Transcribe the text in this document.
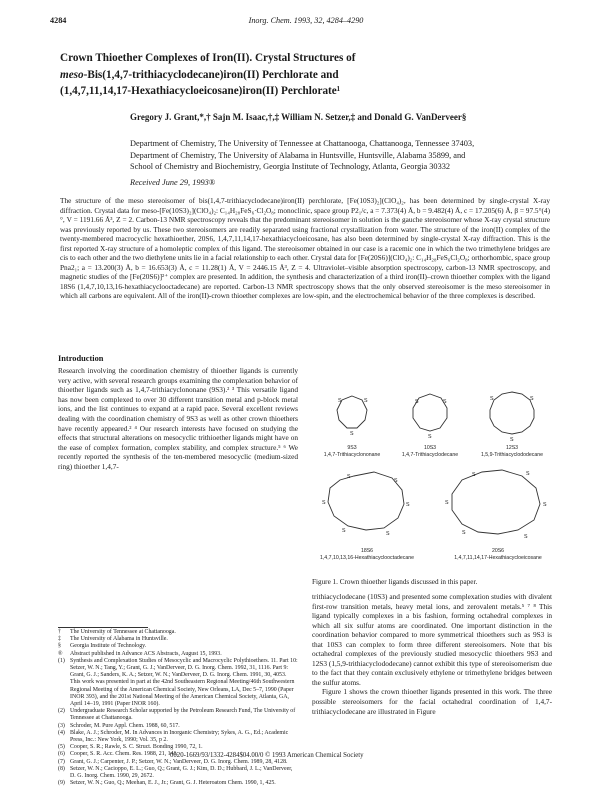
4284	Inorg. Chem. 1993, 32, 4284–4290
Crown Thioether Complexes of Iron(II). Crystal Structures of
meso-Bis(1,4,7-trithiacyclodecane)iron(II) Perchlorate and
(1,4,7,11,14,17-Hexathiacycloeicosane)iron(II) Perchlorate¹
Gregory J. Grant,*,† Sajn M. Isaac,†,‡ William N. Setzer,‡ and Donald G. VanDerveer§
Department of Chemistry, The University of Tennessee at Chattanooga, Chattanooga, Tennessee 37403,
Department of Chemistry, The University of Alabama in Huntsville, Huntsville, Alabama 35899, and
School of Chemistry and Biochemistry, Georgia Institute of Technology, Atlanta, Georgia 30332
Received June 29, 1993®
The structure of the meso stereoisomer of bis(1,4,7-trithiacyclodecane)iron(II) perchlorate, [Fe(10S3)₂](ClO₄)₂, has been determined by single-crystal X-ray diffraction. Crystal data for meso-[Fe(10S3)₂](ClO₄)₂: C₁₄H₂₈FeS₆·Cl₂O₈; monoclinic, space group P2₁/c, a = 7.373(4) Å, b = 9.482(4) Å, c = 17.205(6) Å, β = 97.5°(4)°, V = 1191.66 Å³, Z = 2. Carbon-13 NMR spectroscopy reveals that the predominant stereoisomer in solution is the gauche stereoisomer whose X-ray crystal structure was previously reported by us. These two stereoisomers are readily separated using fractional crystallization from water. The structure of the iron(II) complex of the twenty-membered macrocyclic hexathioether, 20S6, 1,4,7,11,14,17-hexathiacycloeicosane, has also been determined by single-crystal X-ray diffraction. This is the first reported X-ray structure of a homoleptic complex of this ligand. The stereoisomer obtained in our case is a racemic one in which the two trimethylene bridges are cis to each other and the two diethylene units lie in a facial relationship to each other. Crystal data for [Fe(20S6)](ClO₄)₂: C₁₄H₂₈FeS₆Cl₂O₈; orthorhombic, space group Pna2₁; a = 13.200(3) Å, b = 16.653(3) Å, c = 11.28(1) Å, V = 2446.15 Å³, Z = 4. Ultraviolet–visible absorption spectroscopy, carbon-13 NMR spectroscopy, and magnetic studies of the [Fe(20S6)]²⁺ complex are presented. In addition, the synthesis and characterization of a third iron(II)–crown thioether complex with the ligand 18S6 (1,4,7,10,13,16-hexathiacyclooctadecane) are reported. Carbon-13 NMR spectroscopy shows that the only observed stereoisomer is the meso stereoisomer in which all carbons are equivalent. All of the iron(II)-crown thioether complexes are low-spin, and the electrochemical behavior of the three complexes is described.
Introduction
Research involving the coordination chemistry of thioether ligands is currently very active, with several research groups examining the complexation behavior of thioether ligands such as 1,4,7-trithiacyclononane (9S3).² ³ This versatile ligand has now been complexed to over 30 different transition metal and p-block metal ions, and the list continues to expand at a rapid pace. Several excellent reviews dealing with the coordination chemistry of 9S3 as well as other crown thioethers have recently appeared.² ⁴ Our research interests have focused on studying the effects that structural alterations on mesocyclic trithioether ligands might have on the ease of complex formation, complex stability, and complex structure.⁵ ⁶ We recently reported the synthesis of the ten-membered mesocyclic (medium-sized ring) thioether 1,4,7-
†	The University of Tennessee at Chattanooga.
‡	The University of Alabama in Huntsville.
§	Georgia Institute of Technology.
®	Abstract published in Advance ACS Abstracts, August 15, 1993.
(1) Synthesis and Complexation Studies of Mesocyclic and Macrocyclic Polythioethers. 11. Part 10: Setzer, W. N.; Tang, Y.; Grant, G. J.; VanDerveer, D. G. Inorg. Chem. 1992, 31, 1116. Part 9: Grant, G. J.; Sanders, K. A.; Setzer, W. N.; VanDerveer, D. G. Inorg. Chem. 1991, 30, 4053. This work was presented in part at the 42nd Southeastern Regional Meeting/46th Southwestern Regional Meeting of the American Chemical Society, New Orleans, LA, Dec 5–7, 1990 (Paper INOR 393), and the 201st National Meeting of the American Chemical Society, Atlanta, GA, April 14–19, 1991 (Paper INOR 160).
(2) Undergraduate Research Scholar supported by the Petroleum Research Fund, The University of Tennessee at Chattanooga.
(3) Schroder, M. Pure Appl. Chem. 1988, 60, 517.
(4) Blake, A. J.; Schroder, M. In Advances in Inorganic Chemistry; Sykes, A. G., Ed.; Academic Press, Inc.: New York, 1990; Vol. 35, p 2.
(5) Cooper, S. R.; Rawle, S. C. Struct. Bonding 1990, 72, 1.
(6) Cooper, S. R. Acc. Chem. Res. 1988, 21, 141.
(7) Grant, G. J.; Carpenter, J. P.; Setzer, W. N.; VanDerveer, D. G. Inorg. Chem. 1989, 28, 4128.
(8) Setzer, W. N.; Cacioppo, E. L.; Guo, Q.; Grant, G. J.; Kim, D. D.; Hubbard, J. L.; VanDerveer, D. G. Inorg. Chem. 1990, 29, 2672.
(9) Setzer, W. N.; Guo, Q.; Meehan, E. J., Jr.; Grant, G. J. Heteroatom Chem. 1990, 1, 425.
S	S
S
S	S
S
S	S
S
S
S
S	S
S	S
S	S
S	S
S
S
9S3	10S3	12S3
1,4,7-Trithiacyclononane	1,4,7-Trithiacyclodecane	1,5,9-Trithiacyclododecane
18S6	20S6
1,4,7,10,13,16-Hexathiacyclooctadecane	1,4,7,11,14,17-Hexathiacycloeicosane
Figure 1. Crown thioether ligands discussed in this paper.

trithiacyclodecane (10S3) and presented some complexation studies with divalent first-row transition metals, heavy metal ions, and zerovalent metals.⁵ ⁷ ⁸ This ligand typically complexes in a bis fashion, forming octahedral complexes in which all six sulfur atoms are coordinated. One important distinction in the coordination behavior compared to more symmetrical thioethers such as 9S3 is that 10S3 can complex to form three different stereoisomers. Note that bis octahedral complexes of the previously studied mesocyclic thioethers 9S3 and 12S3 (1,5,9-trithiacyclododecane) cannot exhibit this type of stereoisomerism due to the fact that they contain exclusively ethylene or trimethylene bridges between the sulfur atoms.

Figure 1 shows the crown thioether ligands presented in this work. The three possible stereoisomers for the facial octahedral coordination of 1,4,7-trithiacyclodecane are illustrated in Figure

0020-1669/93/1332-4284$04.00/0 © 1993 American Chemical Society
